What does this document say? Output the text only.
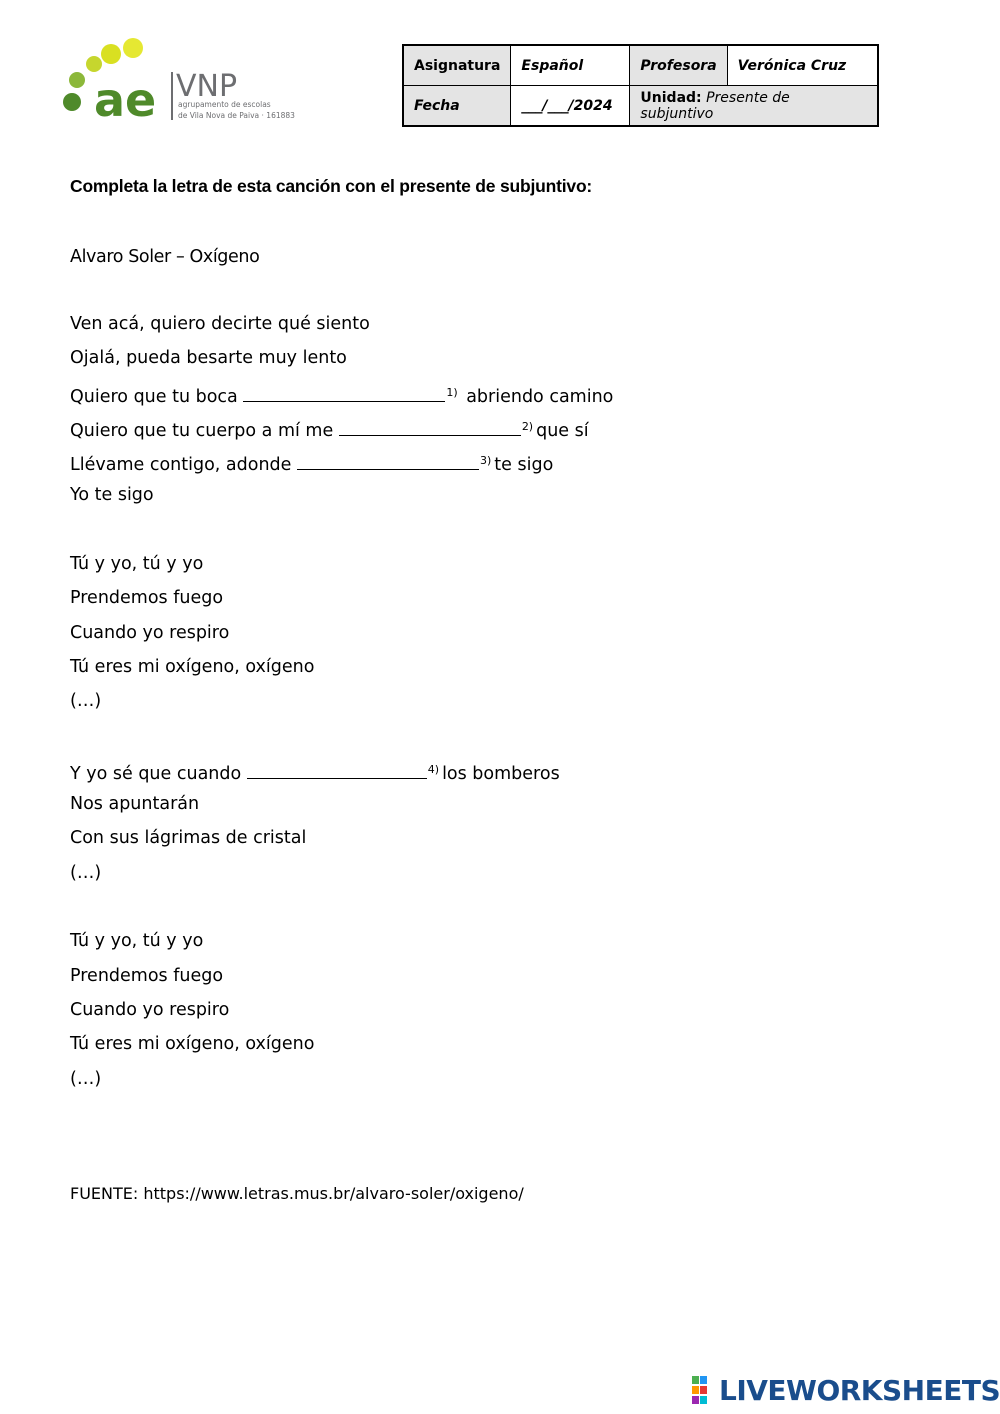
ae VNP
agrupamento de escolas
de Vila Nova de Paiva · 161883
Asignatura	Español	Profesora	Verónica Cruz
Fecha	___/___/2024	Unidad: Presente de subjuntivo	
Completa la letra de esta canción con el presente de subjuntivo:
Alvaro Soler – Oxígeno
Ven acá, quiero decirte qué siento
Ojalá, pueda besarte muy lento
Quiero que tu boca	$^{1)}$ abriendo camino
Quiero que tu cuerpo a mí me	$^{2)}$ que sí
Llévame contigo, adonde	$^{3)}$ te sigo
Yo te sigo
Tú y yo, tú y yo
Prendemos fuego
Cuando yo respiro
Tú eres mi oxígeno, oxígeno
(…)
Y yo sé que cuando	$^{4)}$ los bomberos
Nos apuntarán
Con sus lágrimas de cristal
(…)
Tú y yo, tú y yo
Prendemos fuego
Cuando yo respiro
Tú eres mi oxígeno, oxígeno
(…)
FUENTE: https://www.letras.mus.br/alvaro-soler/oxigeno/
LIVEWORKSHEETS
